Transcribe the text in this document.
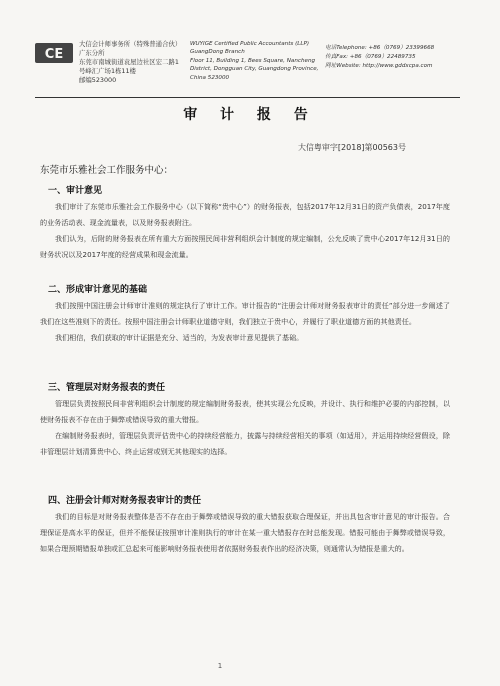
CE
大信会计师事务所（特殊普通合伙）广东分所
东莞市南城街道袁屋边社区宏二路1号峰汇广场1栋11楼
邮编523000
WUYIGE Certified Public Accountants (LLP) GuangDong Branch
Floor 11, Building 1, Bees Square, Nancheng District, Dongguan City, Guangdong Province, China 523000
电话Telephone: +86（0769）23399668
传真Fax: +86（0769）22489735
网址Website: http://www.gddxcpa.com
审 计 报 告
大信粤审字[2018]第00563号
东莞市乐雅社会工作服务中心：
一、审计意见

我们审计了东莞市乐雅社会工作服务中心（以下简称“贵中心”）的财务报表，包括2017年12月31日的资产负债表，2017年度的业务活动表、现金流量表，以及财务报表附注。

我们认为，后附的财务报表在所有重大方面按照民间非营利组织会计制度的规定编制，公允反映了贵中心2017年12月31日的财务状况以及2017年度的经营成果和现金流量。

二、形成审计意见的基础

我们按照中国注册会计师审计准则的规定执行了审计工作。审计报告的“注册会计师对财务报表审计的责任”部分进一步阐述了我们在这些准则下的责任。按照中国注册会计师职业道德守则，我们独立于贵中心，并履行了职业道德方面的其他责任。

我们相信，我们获取的审计证据是充分、适当的，为发表审计意见提供了基础。

三、管理层对财务报表的责任

管理层负责按照民间非营利组织会计制度的规定编制财务报表，使其实现公允反映，并设计、执行和维护必要的内部控制，以使财务报表不存在由于舞弊或错误导致的重大错报。

在编制财务报表时，管理层负责评估贵中心的持续经营能力，披露与持续经营相关的事项（如适用），并运用持续经营假设，除非管理层计划清算贵中心、终止运营或别无其他现实的选择。

四、注册会计师对财务报表审计的责任

我们的目标是对财务报表整体是否不存在由于舞弊或错误导致的重大错报获取合理保证，并出具包含审计意见的审计报告。合理保证是高水平的保证，但并不能保证按照审计准则执行的审计在某一重大错报存在时总能发现。错报可能由于舞弊或错误导致，如果合理预期错报单独或汇总起来可能影响财务报表使用者依据财务报表作出的经济决策，则通常认为错报是重大的。

1
